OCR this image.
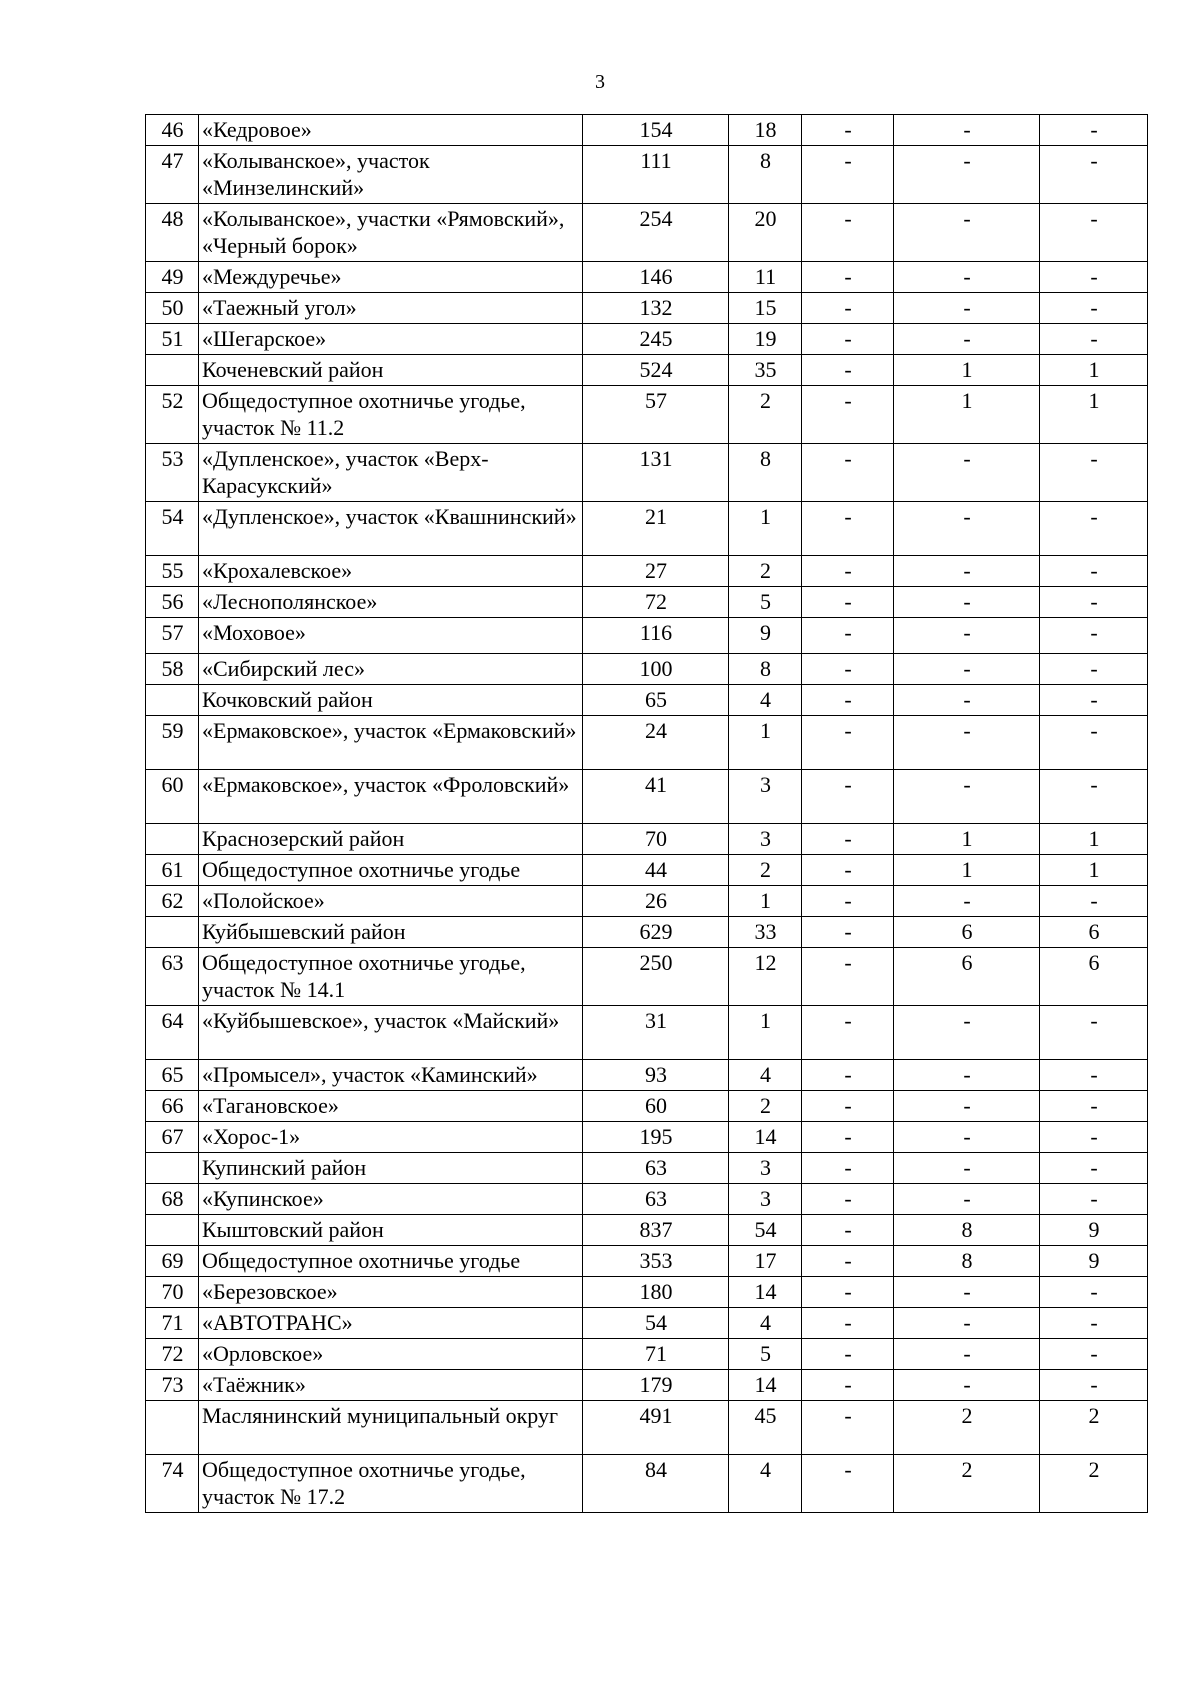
3
46	«Кедровое»	154	18	-	-	-
47	«Колыванское», участок «Минзелинский»	111	8	-	-	-
48	«Колыванское», участки «Рямовский», «Черный борок»	254	20	-	-	-
49	«Междуречье»	146	11	-	-	-
50	«Таежный угол»	132	15	-	-	-
51	«Шегарское»	245	19	-	-	-
	Коченевский район	524	35	-	1	1
52	Общедоступное охотничье угодье, участок № 11.2	57	2	-	1	1
53	«Дупленское», участок «Верх-Карасукский»	131	8	-	-	-
54	«Дупленское», участок «Квашнинский»	21	1	-	-	-
55	«Крохалевское»	27	2	-	-	-
56	«Леснополянское»	72	5	-	-	-
57	«Моховое»	116	9	-	-	-
58	«Сибирский лес»	100	8	-	-	-
	Кочковский район	65	4	-	-	-
59	«Ермаковское», участок «Ермаковский»	24	1	-	-	-
60	«Ермаковское», участок «Фроловский»	41	3	-	-	-
	Краснозерский район	70	3	-	1	1
61	Общедоступное охотничье угодье	44	2	-	1	1
62	«Полойское»	26	1	-	-	-
	Куйбышевский район	629	33	-	6	6
63	Общедоступное охотничье угодье, участок № 14.1	250	12	-	6	6
64	«Куйбышевское», участок «Майский»	31	1	-	-	-
65	«Промысел», участок «Каминский»	93	4	-	-	-
66	«Тагановское»	60	2	-	-	-
67	«Хорос-1»	195	14	-	-	-
	Купинский район	63	3	-	-	-
68	«Купинское»	63	3	-	-	-
	Кыштовский район	837	54	-	8	9
69	Общедоступное охотничье угодье	353	17	-	8	9
70	«Березовское»	180	14	-	-	-
71	«АВТОТРАНС»	54	4	-	-	-
72	«Орловское»	71	5	-	-	-
73	«Таёжник»	179	14	-	-	-
	Маслянинский муниципальный округ	491	45	-	2	2
74	Общедоступное охотничье угодье, участок № 17.2	84	4	-	2	2
